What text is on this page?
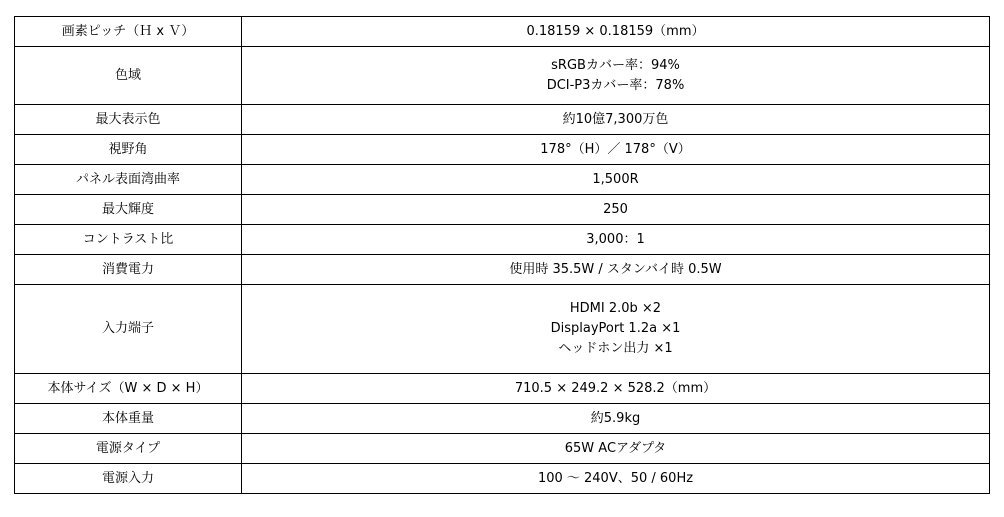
画素ピッチ（Ｈ x Ｖ）	0.18159 × 0.18159（mm）

色域	sRGBカバー率：94%
DCI-P3カバー率：78%

最大表示色	約10億7,300万色

視野角	178°（H）／ 178°（V）

パネル表面湾曲率	1,500R

最大輝度	250

コントラスト比	3,000：1

消費電力	使用時 35.5W / スタンバイ時 0.5W

入力端子	HDMI 2.0b ×2
DisplayPort 1.2a ×1
ヘッドホン出力 ×1

本体サイズ（W × D × H）	710.5 × 249.2 × 528.2（mm）

本体重量	約5.9kg

電源タイプ	65W ACアダプタ

電源入力	100 ～ 240V、50 / 60Hz
